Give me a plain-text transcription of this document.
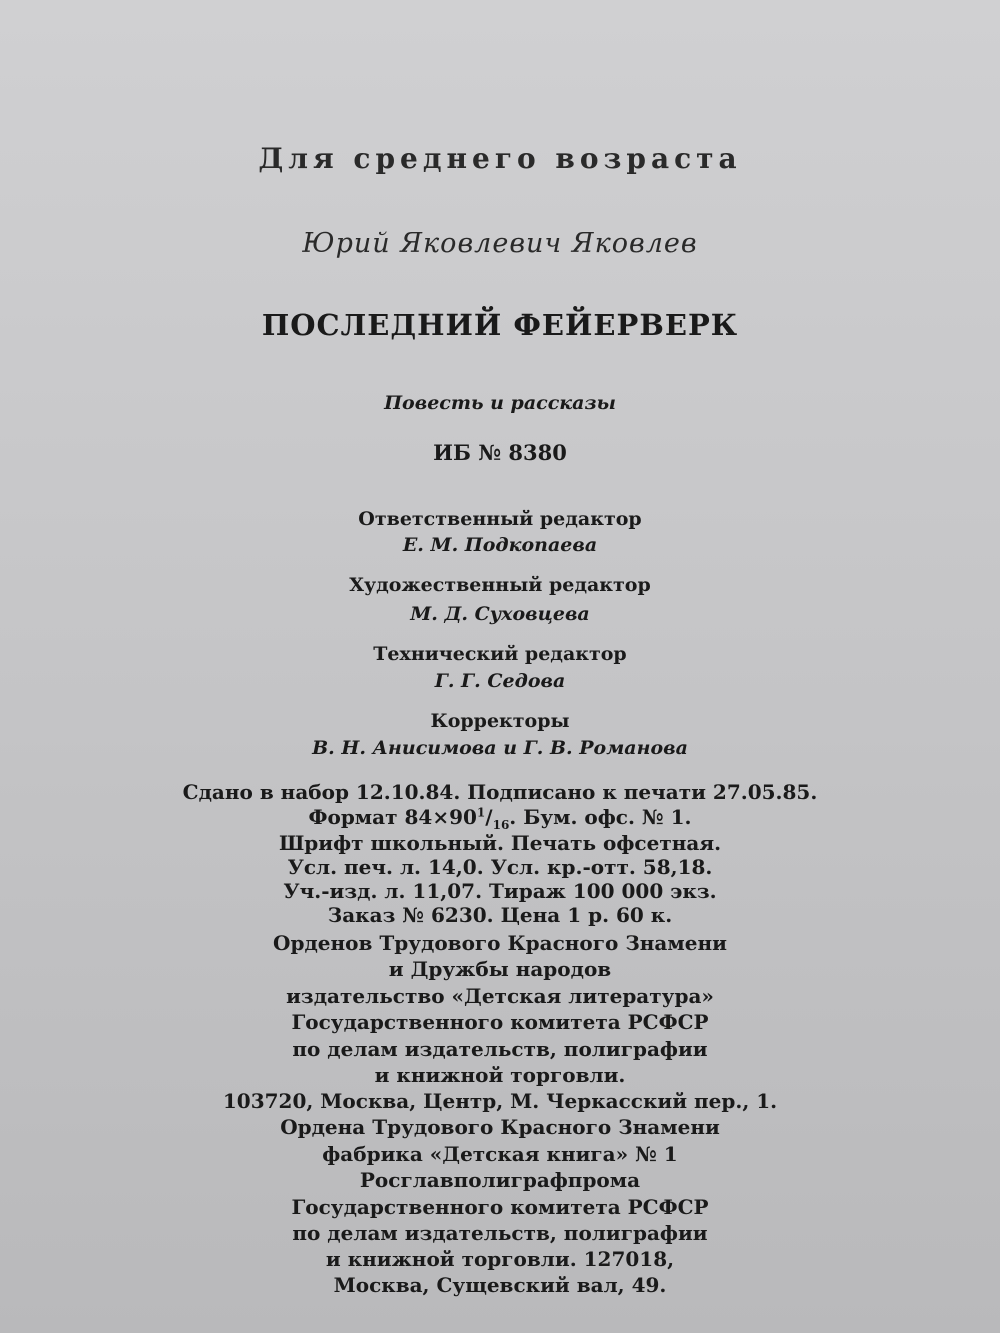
Для среднего возраста
Юрий Яковлевич Яковлев
ПОСЛЕДНИЙ ФЕЙЕРВЕРК
Повесть и рассказы
ИБ № 8380
Ответственный редактор
Е. М. Подкопаева
Художественный редактор
М. Д. Суховцева
Технический редактор
Г. Г. Седова
Корректоры
В. Н. Анисимова и Г. В. Романова
Сдано в набор 12.10.84. Подписано к печати 27.05.85.
Формат $84\times 90^1/_{16}$. Бум. офс. № 1.
Шрифт школьный. Печать офсетная.
Усл. печ. л. 14,0. Усл. кр.-отт. 58,18.
Уч.-изд. л. 11,07. Тираж 100 000 экз.
Заказ № 6230. Цена 1 р. 60 к.
Орденов Трудового Красного Знамени
и Дружбы народов
издательство «Детская литература»
Государственного комитета РСФСР
по делам издательств, полиграфии
и книжной торговли.
103720, Москва, Центр, М. Черкасский пер., 1.
Ордена Трудового Красного Знамени
фабрика «Детская книга» № 1
Росглавполиграфпрома
Государственного комитета РСФСР
по делам издательств, полиграфии
и книжной торговли. 127018,
Москва, Сущевский вал, 49.
